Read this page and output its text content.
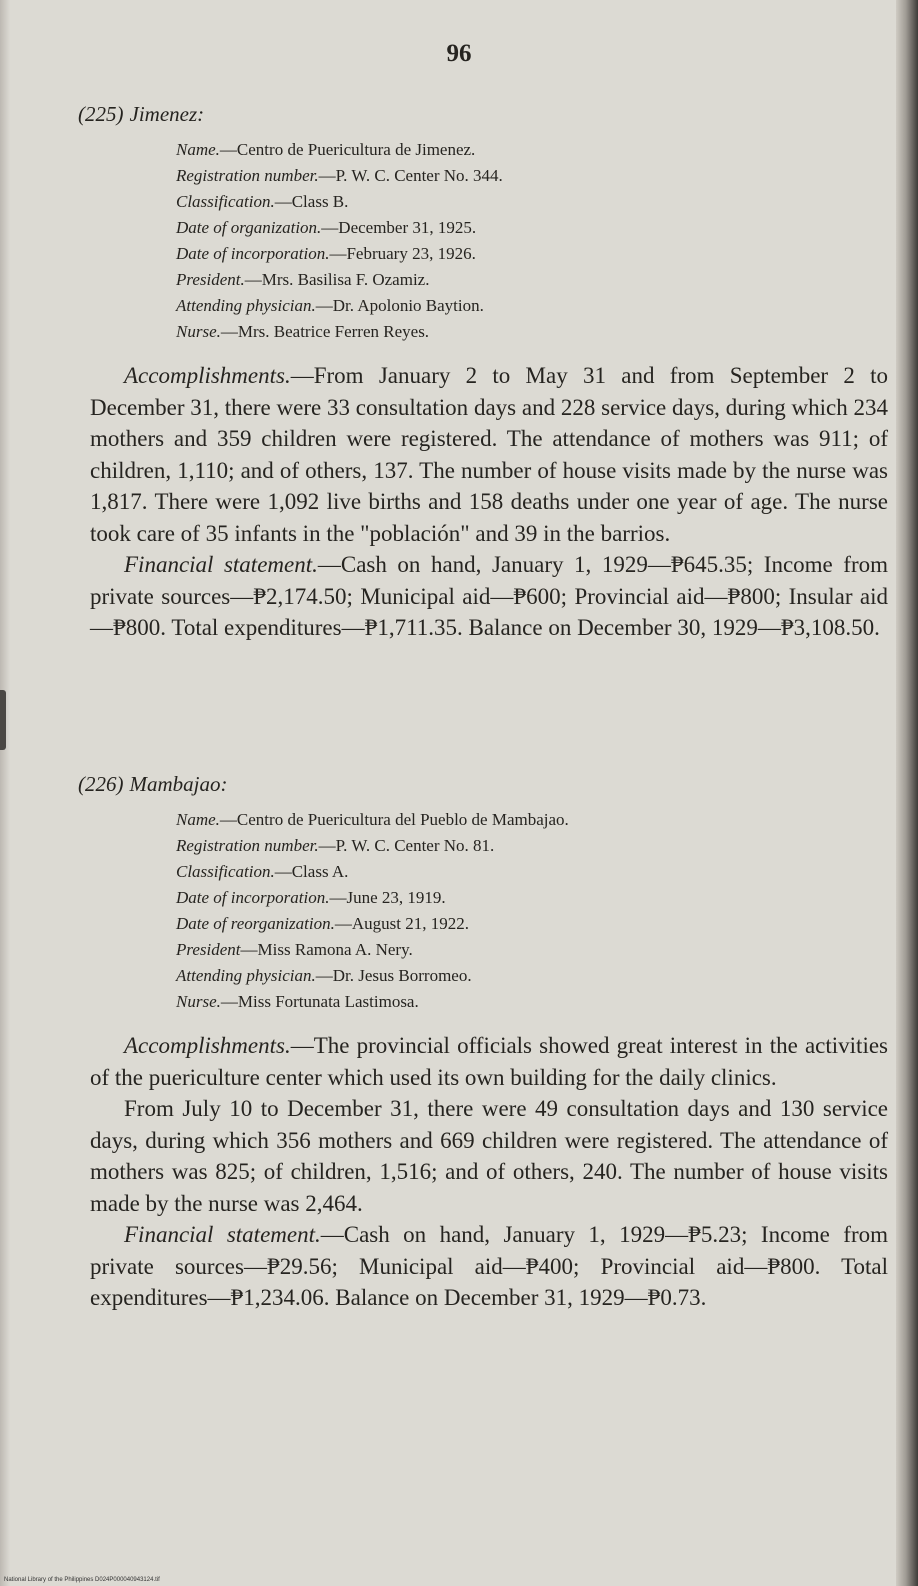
96

(225) Jimenez:

Name.—Centro de Puericultura de Jimenez.
Registration number.—P. W. C. Center No. 344.
Classification.—Class B.
Date of organization.—December 31, 1925.
Date of incorporation.—February 23, 1926.
President.—Mrs. Basilisa F. Ozamiz.
Attending physician.—Dr. Apolonio Baytion.
Nurse.—Mrs. Beatrice Ferren Reyes.

Accomplishments.—From January 2 to May 31 and from September 2 to December 31, there were 33 consultation days and 228 service days, during which 234 mothers and 359 children were registered. The attendance of mothers was 911; of children, 1,110; and of others, 137. The number of house visits made by the nurse was 1,817. There were 1,092 live births and 158 deaths under one year of age. The nurse took care of 35 infants in the "población" and 39 in the barrios.

Financial statement.—Cash on hand, January 1, 1929—₱645.35; Income from private sources—₱2,174.50; Municipal aid—₱600; Provincial aid—₱800; Insular aid—₱800. Total expenditures—₱1,711.35. Balance on December 30, 1929—₱3,108.50.

(226) Mambajao:

Name.—Centro de Puericultura del Pueblo de Mambajao.
Registration number.—P. W. C. Center No. 81.
Classification.—Class A.
Date of incorporation.—June 23, 1919.
Date of reorganization.—August 21, 1922.
President—Miss Ramona A. Nery.
Attending physician.—Dr. Jesus Borromeo.
Nurse.—Miss Fortunata Lastimosa.

Accomplishments.—The provincial officials showed great interest in the activities of the puericulture center which used its own building for the daily clinics.

From July 10 to December 31, there were 49 consultation days and 130 service days, during which 356 mothers and 669 children were registered. The attendance of mothers was 825; of children, 1,516; and of others, 240. The number of house visits made by the nurse was 2,464.

Financial statement.—Cash on hand, January 1, 1929—₱5.23; Income from private sources—₱29.56; Municipal aid—₱400; Provincial aid—₱800. Total expenditures—₱1,234.06. Balance on December 31, 1929—₱0.73.

National Library of the Philippines D024P000040943124.tif
